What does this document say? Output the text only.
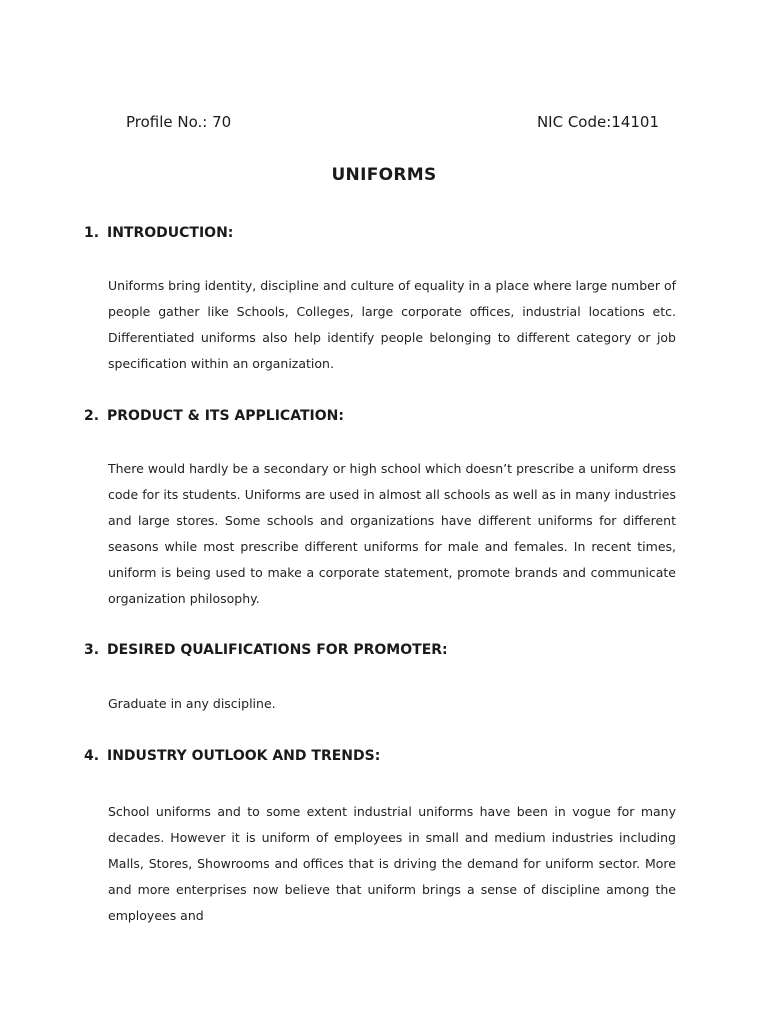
Profile No.: 70	NIC Code:14101
UNIFORMS
1. INTRODUCTION:

Uniforms bring identity, discipline and culture of equality in a place where large number of people gather like Schools, Colleges, large corporate offices, industrial locations etc. Differentiated uniforms also help identify people belonging to different category or job specification within an organization.

2. PRODUCT & ITS APPLICATION:

There would hardly be a secondary or high school which doesn’t prescribe a uniform dress code for its students. Uniforms are used in almost all schools as well as in many industries and large stores. Some schools and organizations have different uniforms for different seasons while most prescribe different uniforms for male and females. In recent times, uniform is being used to make a corporate statement, promote brands and communicate organization philosophy.

3. DESIRED QUALIFICATIONS FOR PROMOTER:

Graduate in any discipline.

4. INDUSTRY OUTLOOK AND TRENDS:

School uniforms and to some extent industrial uniforms have been in vogue for many decades. However it is uniform of employees in small and medium industries including Malls, Stores, Showrooms and offices that is driving the demand for uniform sector. More and more enterprises now believe that uniform brings a sense of discipline among the employees and
